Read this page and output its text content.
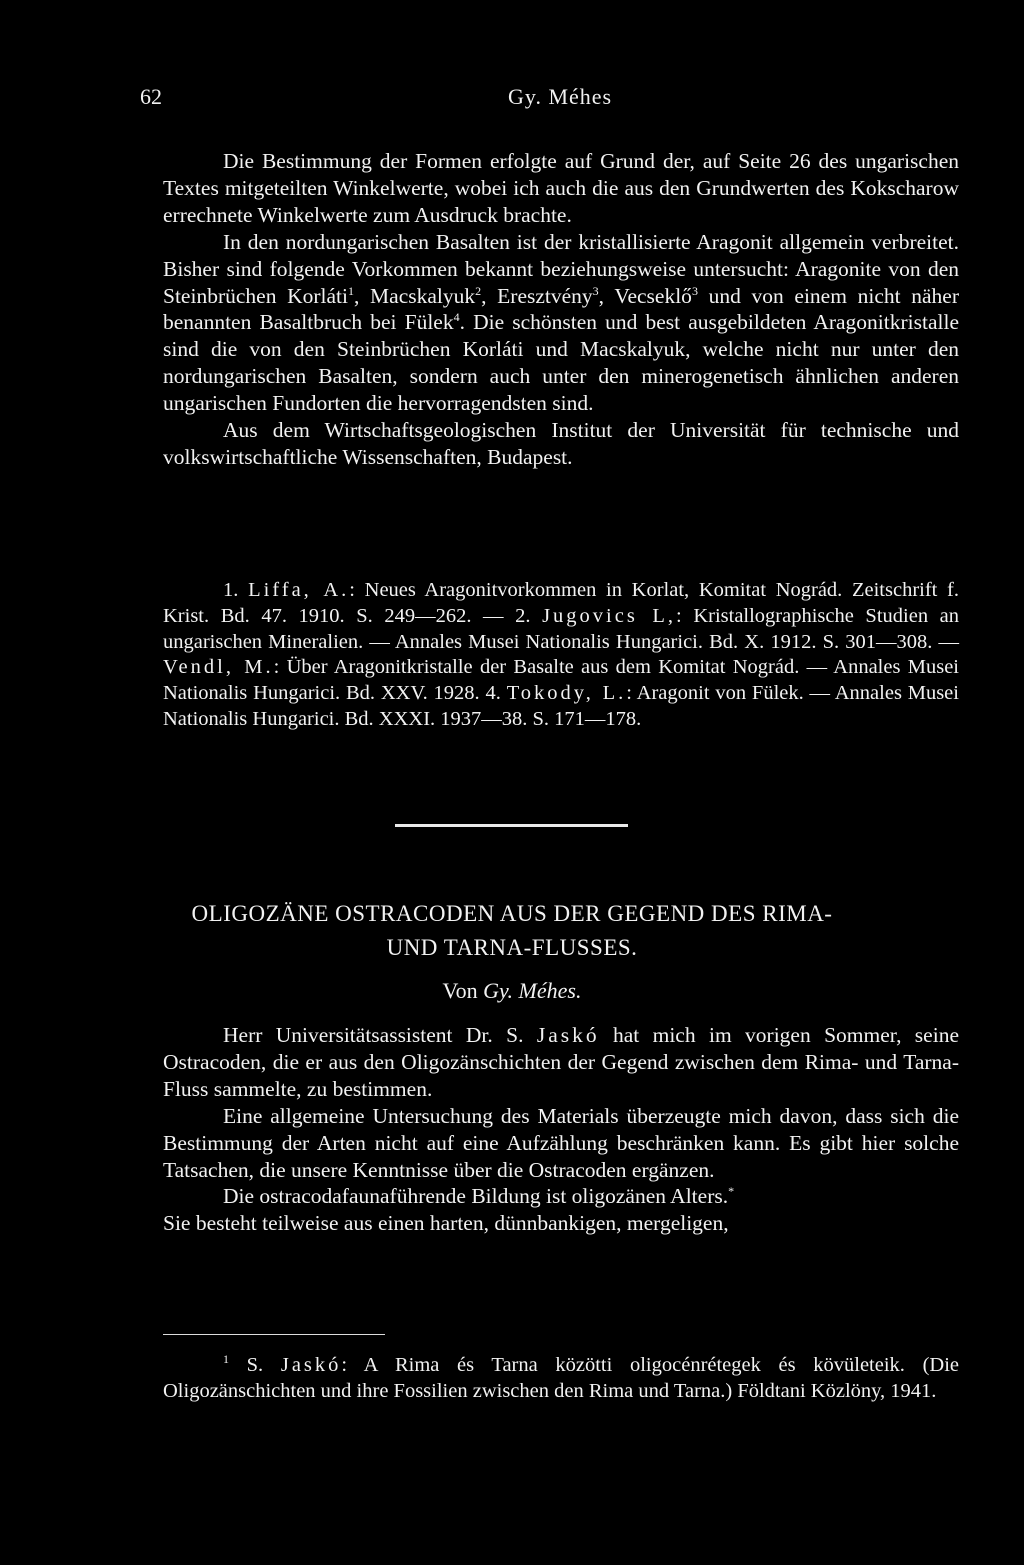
62	Gy. Méhes

Die Bestimmung der Formen erfolgte auf Grund der, auf Seite 26 des ungarischen Textes mitgeteilten Winkelwerte, wobei ich auch die aus den Grundwerten des Koksсharow errechnete Winkelwerte zum Ausdruck brachte.

In den nordungarischen Basalten ist der kristallisierte Aragonit allgemein verbreitet. Bisher sind folgende Vorkommen bekannt beziehungsweise untersucht: Aragonite von den Steinbrüchen Korláti$^1$, Macskalyuk$^2$, Eresztvény$^3$, Vecseklő$^3$ und von einem nicht näher benannten Basaltbruch bei Fülek$^4$. Die schönsten und best ausgebildeten Aragonitkristalle sind die von den Steinbrüchen Korláti und Macskalyuk, welche nicht nur unter den nordungarischen Basalten, sondern auch unter den minerogenetisch ähnlichen anderen ungarischen Fundorten die hervorragendsten sind.

Aus dem Wirtschaftsgeologischen Institut der Universität für technische und volkswirtschaftliche Wissenschaften, Budapest.

1. Liffa, A.: Neues Aragonitvorkommen in Korlat, Komitat Nográd. Zeitschrift f. Krist. Bd. 47. 1910. S. 249—262. — 2. Jugovics L,: Kristallographische Studien an ungarischen Mineralien. — Annales Musei Nationalis Hungarici. Bd. X. 1912. S. 301—308. — Vendl, M.: Über Aragonitkristalle der Basalte aus dem Komitat Nográd. — Annales Musei Nationalis Hungarici. Bd. XXV. 1928. 4. Tokody, L.: Aragonit von Fülek. — Annales Musei Nationalis Hungarici. Bd. XXXI. 1937—38. S. 171—178.

OLIGOZÄNE OSTRACODEN AUS DER GEGEND DES RIMA-
UND TARNA-FLUSSES.
Von Gy. Méhes.

Herr Universitätsassistent Dr. S. Jaskó hat mich im vorigen Sommer, seine Ostracoden, die er aus den Oligozänschichten der Gegend zwischen dem Rima- und Tarna-Fluss sammelte, zu bestimmen.

Eine allgemeine Untersuchung des Materials überzeugte mich davon, dass sich die Bestimmung der Arten nicht auf eine Aufzählung beschränken kann. Es gibt hier solche Tatsachen, die unsere Kenntnisse über die Ostracoden ergänzen.

Die ostracodafaunaführende Bildung ist oligozänen Alters.*

Sie besteht teilweise aus einen harten, dünnbankigen, mergeligen,

$^1$ S. Jaskó: A Rima és Tarna közötti oligocénrétegek és kövületeik. (Die Oligozänschichten und ihre Fossilien zwischen den Rima und Tarna.) Földtani Közlöny, 1941.
